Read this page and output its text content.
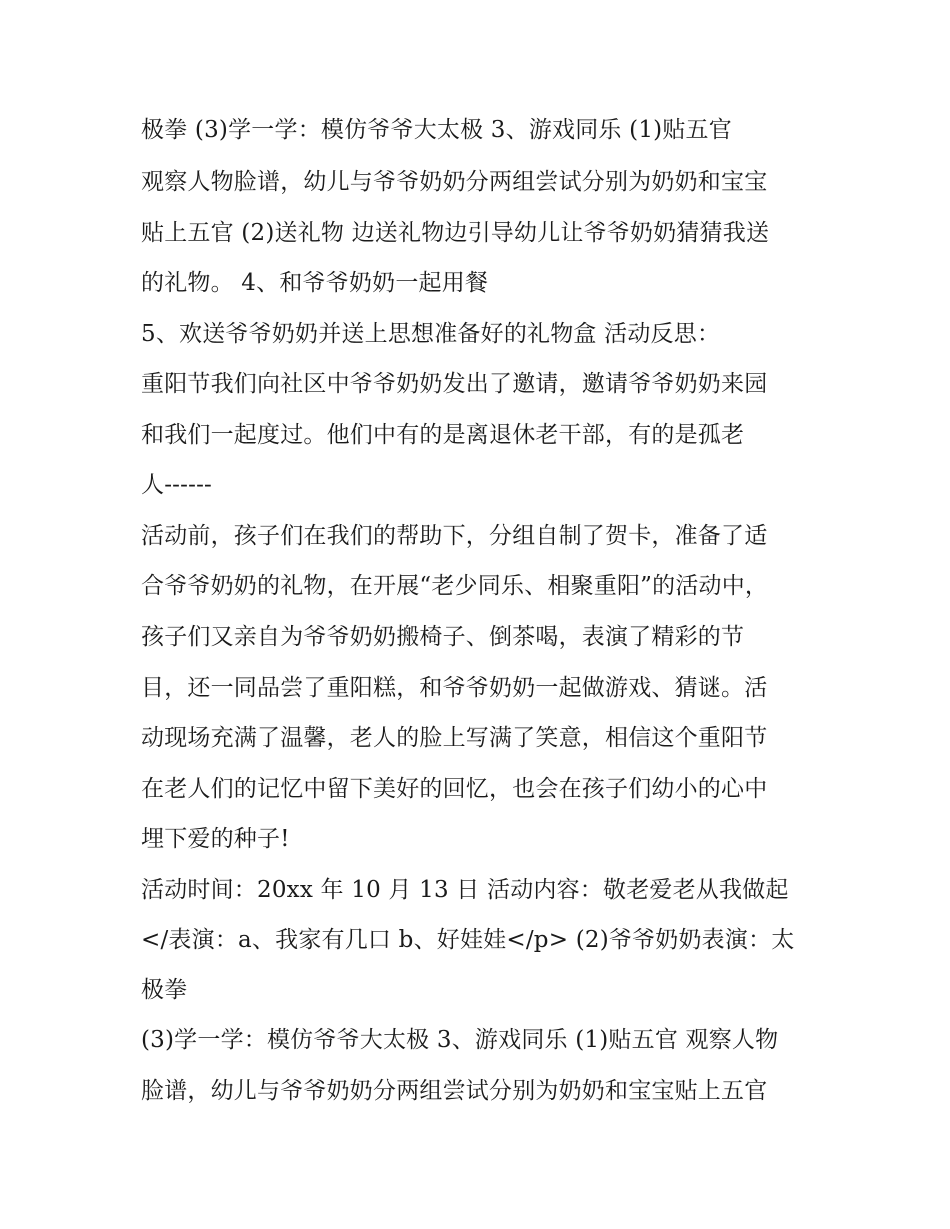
极拳 (3)学一学：模仿爷爷大太极 3、游戏同乐 (1)贴五官
观察人物脸谱，幼儿与爷爷奶奶分两组尝试分别为奶奶和宝宝
贴上五官 (2)送礼物 边送礼物边引导幼儿让爷爷奶奶猜猜我送
的礼物。 4、和爷爷奶奶一起用餐
5、欢送爷爷奶奶并送上思想准备好的礼物盒 活动反思：
重阳节我们向社区中爷爷奶奶发出了邀请，邀请爷爷奶奶来园
和我们一起度过。他们中有的是离退休老干部，有的是孤老
人------
活动前，孩子们在我们的帮助下，分组自制了贺卡，准备了适
合爷爷奶奶的礼物，在开展“老少同乐、相聚重阳”的活动中，
孩子们又亲自为爷爷奶奶搬椅子、倒茶喝，表演了精彩的节
目，还一同品尝了重阳糕，和爷爷奶奶一起做游戏、猜谜。活
动现场充满了温馨，老人的脸上写满了笑意，相信这个重阳节
在老人们的记忆中留下美好的回忆，也会在孩子们幼小的心中
埋下爱的种子!
活动时间：20xx 年 10 月 13 日 活动内容：敬老爱老从我做起
</表演：a、我家有几口 b、好娃娃</p> (2)爷爷奶奶表演：太
极拳
(3)学一学：模仿爷爷大太极 3、游戏同乐 (1)贴五官 观察人物
脸谱，幼儿与爷爷奶奶分两组尝试分别为奶奶和宝宝贴上五官
